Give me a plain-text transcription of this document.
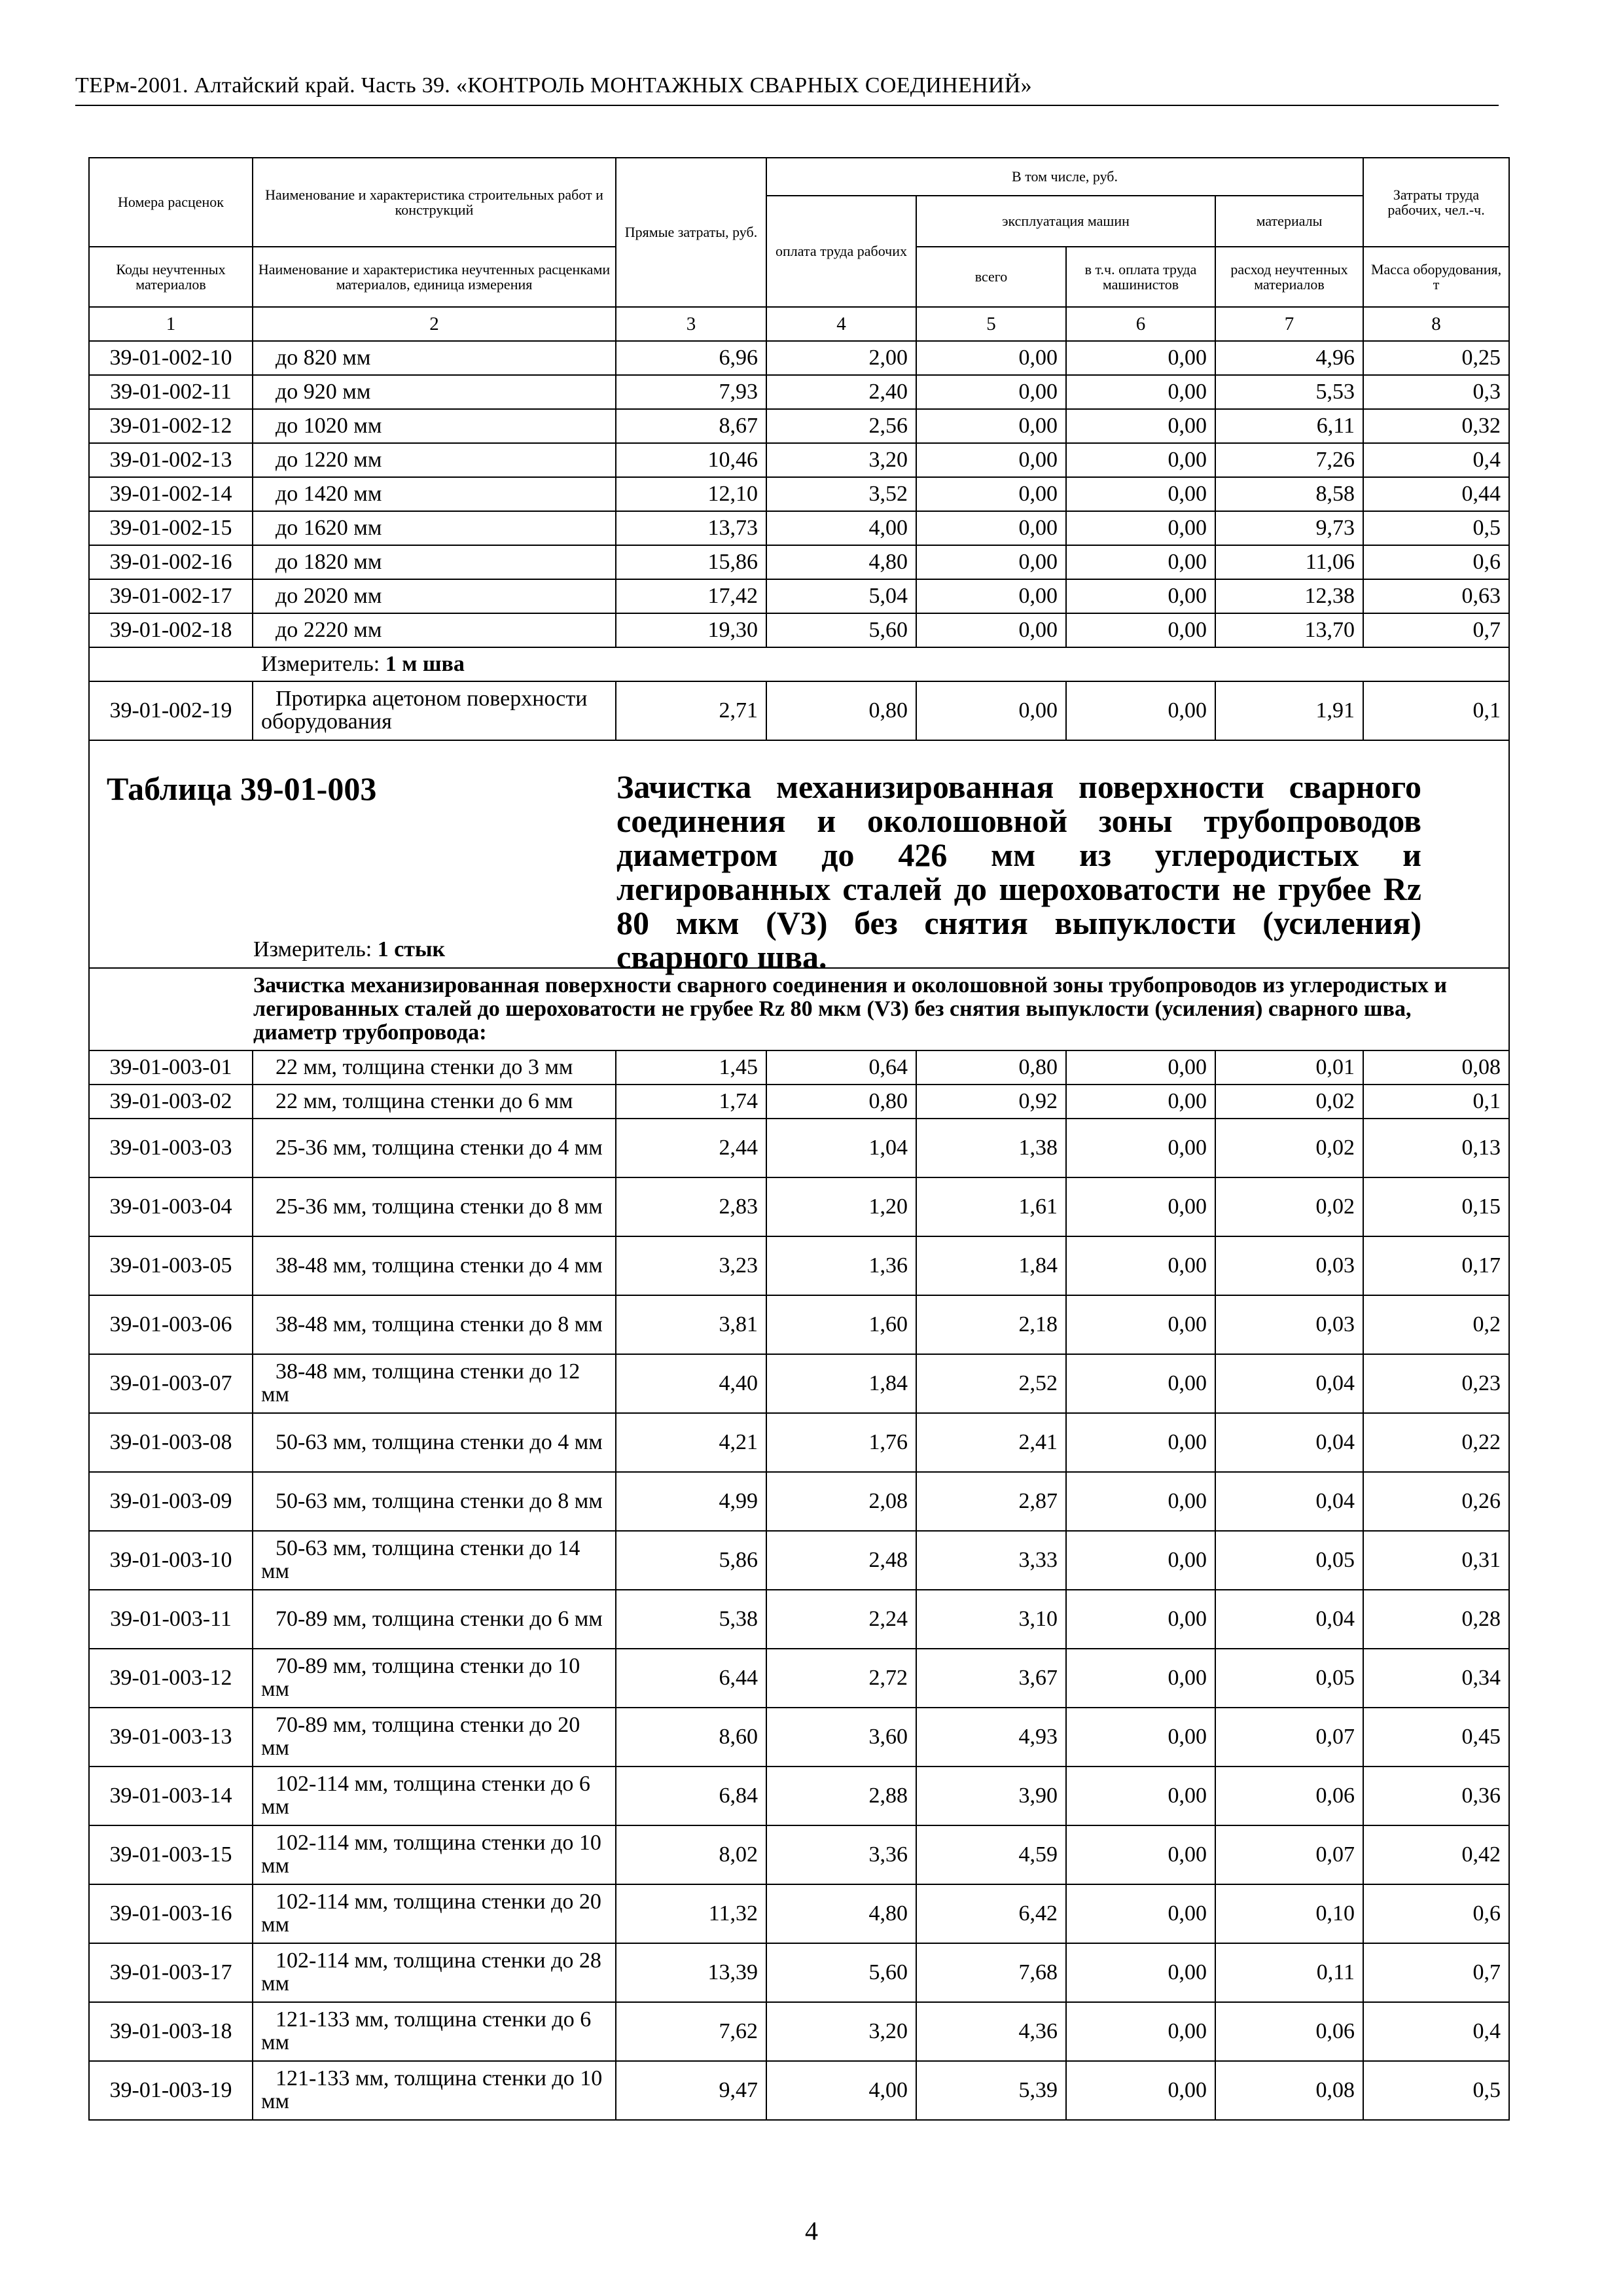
ТЕРм-2001. Алтайский край. Часть 39. «КОНТРОЛЬ МОНТАЖНЫХ СВАРНЫХ СОЕДИНЕНИЙ»
Номера расценок	Наименование и характеристика строительных работ и конструкций	Прямые затраты, руб.	В том числе, руб.				Затраты труда рабочих, чел.-ч.
			оплата труда рабочих	эксплуатация машин		материалы	
Коды неучтенных материалов	Наименование и характеристика неучтенных расценками материалов, единица измерения			всего	в т.ч. оплата труда машинистов	расход неучтенных материалов	Масса оборудования, т
1	2	3	4	5	6	7	8
39-01-002-10	до 820 мм	6,96	2,00	0,00	0,00	4,96	0,25
39-01-002-11	до 920 мм	7,93	2,40	0,00	0,00	5,53	0,3
39-01-002-12	до 1020 мм	8,67	2,56	0,00	0,00	6,11	0,32
39-01-002-13	до 1220 мм	10,46	3,20	0,00	0,00	7,26	0,4
39-01-002-14	до 1420 мм	12,10	3,52	0,00	0,00	8,58	0,44
39-01-002-15	до 1620 мм	13,73	4,00	0,00	0,00	9,73	0,5
39-01-002-16	до 1820 мм	15,86	4,80	0,00	0,00	11,06	0,6
39-01-002-17	до 2020 мм	17,42	5,04	0,00	0,00	12,38	0,63
39-01-002-18	до 2220 мм	19,30	5,60	0,00	0,00	13,70	0,7
Измеритель: 1 м шва							
39-01-002-19	Протирка ацетоном поверхности оборудования	2,71	0,80	0,00	0,00	1,91	0,1

Таблица 39-01-003 Зачистка механизированная поверхности сварного соединения и околошовной зоны трубопроводов диаметром до 426 мм из углеродистых и легированных сталей до шероховатости не грубее Rz 80 мкм (V3) без снятия выпуклости (усиления) сварного шва.
Измеритель: 1 стык							

Зачистка механизированная поверхности сварного соединения и околошовной зоны трубопроводов из углеродистых и легированных сталей до шероховатости не грубее Rz 80 мкм (V3) без снятия выпуклости (усиления) сварного шва, диаметр трубопровода:							
39-01-003-01	22 мм, толщина стенки до 3 мм	1,45	0,64	0,80	0,00	0,01	0,08
39-01-003-02	22 мм, толщина стенки до 6 мм	1,74	0,80	0,92	0,00	0,02	0,1
39-01-003-03	25-36 мм, толщина стенки до 4 мм	2,44	1,04	1,38	0,00	0,02	0,13
39-01-003-04	25-36 мм, толщина стенки до 8 мм	2,83	1,20	1,61	0,00	0,02	0,15
39-01-003-05	38-48 мм, толщина стенки до 4 мм	3,23	1,36	1,84	0,00	0,03	0,17
39-01-003-06	38-48 мм, толщина стенки до 8 мм	3,81	1,60	2,18	0,00	0,03	0,2
39-01-003-07	38-48 мм, толщина стенки до 12 мм	4,40	1,84	2,52	0,00	0,04	0,23
39-01-003-08	50-63 мм, толщина стенки до 4 мм	4,21	1,76	2,41	0,00	0,04	0,22
39-01-003-09	50-63 мм, толщина стенки до 8 мм	4,99	2,08	2,87	0,00	0,04	0,26
39-01-003-10	50-63 мм, толщина стенки до 14 мм	5,86	2,48	3,33	0,00	0,05	0,31
39-01-003-11	70-89 мм, толщина стенки до 6 мм	5,38	2,24	3,10	0,00	0,04	0,28
39-01-003-12	70-89 мм, толщина стенки до 10 мм	6,44	2,72	3,67	0,00	0,05	0,34
39-01-003-13	70-89 мм, толщина стенки до 20 мм	8,60	3,60	4,93	0,00	0,07	0,45
39-01-003-14	102-114 мм, толщина стенки до 6 мм	6,84	2,88	3,90	0,00	0,06	0,36
39-01-003-15	102-114 мм, толщина стенки до 10 мм	8,02	3,36	4,59	0,00	0,07	0,42
39-01-003-16	102-114 мм, толщина стенки до 20 мм	11,32	4,80	6,42	0,00	0,10	0,6
39-01-003-17	102-114 мм, толщина стенки до 28 мм	13,39	5,60	7,68	0,00	0,11	0,7
39-01-003-18	121-133 мм, толщина стенки до 6 мм	7,62	3,20	4,36	0,00	0,06	0,4
39-01-003-19	121-133 мм, толщина стенки до 10 мм	9,47	4,00	5,39	0,00	0,08	0,5
4
